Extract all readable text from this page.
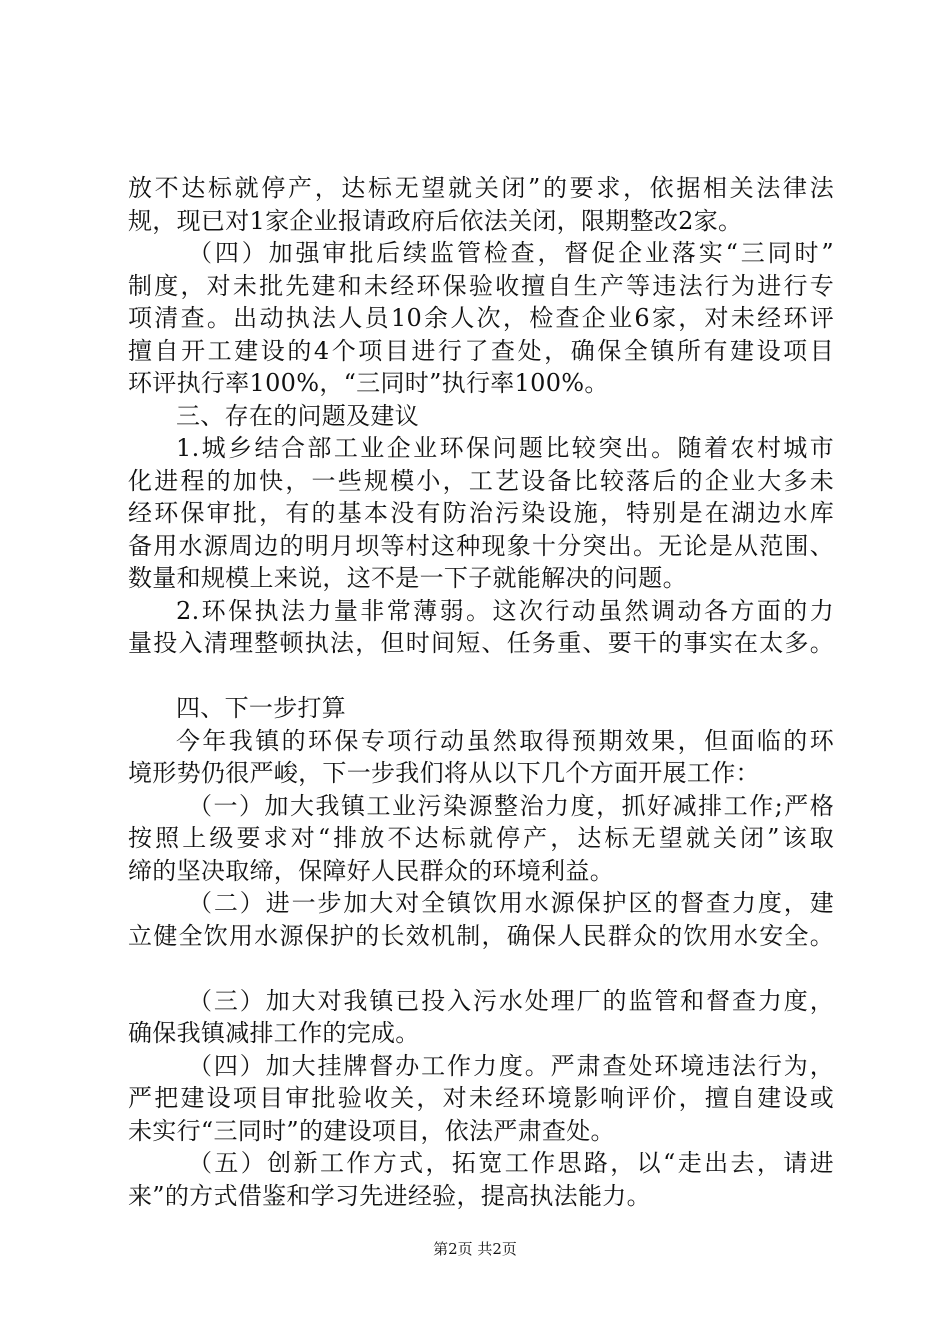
放不达标就停产，达标无望就关闭”的要求，依据相关法律法
规，现已对1家企业报请政府后依法关闭，限期整改2家。
（四）加强审批后续监管检查，督促企业落实“三同时”
制度，对未批先建和未经环保验收擅自生产等违法行为进行专
项清查。出动执法人员10余人次，检查企业6家，对未经环评
擅自开工建设的4个项目进行了查处，确保全镇所有建设项目
环评执行率100%，“三同时”执行率100%。
三、存在的问题及建议
1.城乡结合部工业企业环保问题比较突出。随着农村城市
化进程的加快，一些规模小，工艺设备比较落后的企业大多未
经环保审批，有的基本没有防治污染设施，特别是在湖边水库
备用水源周边的明月坝等村这种现象十分突出。无论是从范围、
数量和规模上来说，这不是一下子就能解决的问题。
2.环保执法力量非常薄弱。这次行动虽然调动各方面的力
量投入清理整顿执法，但时间短、任务重、要干的事实在太多。
四、下一步打算
今年我镇的环保专项行动虽然取得预期效果，但面临的环
境形势仍很严峻，下一步我们将从以下几个方面开展工作：
（一）加大我镇工业污染源整治力度，抓好减排工作;严格
按照上级要求对“排放不达标就停产，达标无望就关闭”该取
缔的坚决取缔，保障好人民群众的环境利益。
（二）进一步加大对全镇饮用水源保护区的督查力度，建
立健全饮用水源保护的长效机制，确保人民群众的饮用水安全。
（三）加大对我镇已投入污水处理厂的监管和督查力度，
确保我镇减排工作的完成。
（四）加大挂牌督办工作力度。严肃查处环境违法行为，
严把建设项目审批验收关，对未经环境影响评价，擅自建设或
未实行“三同时”的建设项目，依法严肃查处。
（五）创新工作方式，拓宽工作思路，以“走出去，请进
来”的方式借鉴和学习先进经验，提高执法能力。
第2页 共2页
